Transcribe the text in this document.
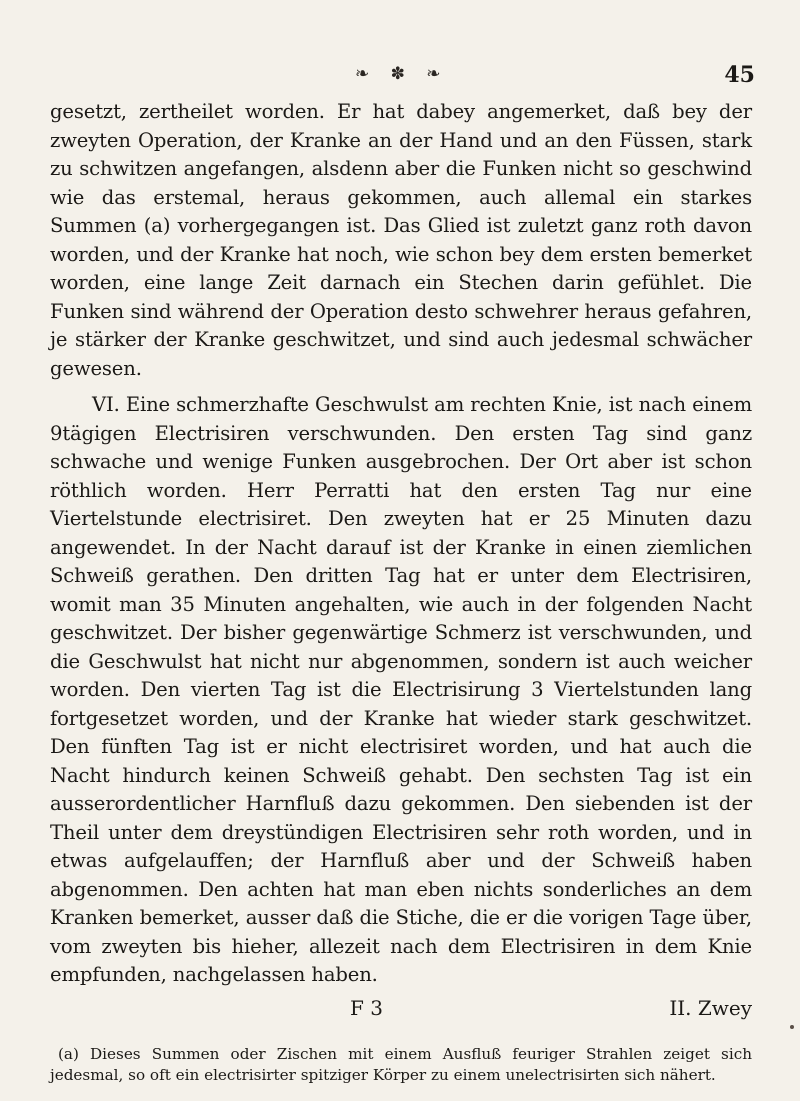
❧ ✽ ❧	45

gesetzt, zertheilet worden. Er hat dabey angemerket, daß bey der zweyten Operation, der Kranke an der Hand und an den Füssen, stark zu schwitzen angefangen, alsdenn aber die Funken nicht so geschwind wie das erstemal, heraus gekommen, auch allemal ein starkes Summen (a) vorhergegangen ist. Das Glied ist zuletzt ganz roth davon worden, und der Kranke hat noch, wie schon bey dem ersten bemerket worden, eine lange Zeit darnach ein Stechen darin gefühlet. Die Funken sind während der Operation desto schwehrer heraus gefahren, je stärker der Kranke geschwitzet, und sind auch jedesmal schwächer gewesen.

VI. Eine schmerzhafte Geschwulst am rechten Knie, ist nach einem 9tägigen Electrisiren verschwunden. Den ersten Tag sind ganz schwache und wenige Funken ausgebrochen. Der Ort aber ist schon röthlich worden. Herr Perratti hat den ersten Tag nur eine Viertelstunde electrisiret. Den zweyten hat er 25 Minuten dazu angewendet. In der Nacht darauf ist der Kranke in einen ziemlichen Schweiß gerathen. Den dritten Tag hat er unter dem Electrisiren, womit man 35 Minuten angehalten, wie auch in der folgenden Nacht geschwitzet. Der bisher gegenwärtige Schmerz ist verschwunden, und die Geschwulst hat nicht nur abgenommen, sondern ist auch weicher worden. Den vierten Tag ist die Electrisirung 3 Viertelstunden lang fortgesetzet worden, und der Kranke hat wieder stark geschwitzet. Den fünften Tag ist er nicht electrisiret worden, und hat auch die Nacht hindurch keinen Schweiß gehabt. Den sechsten Tag ist ein ausserordentlicher Harnfluß dazu gekommen. Den siebenden ist der Theil unter dem dreystündigen Electrisiren sehr roth worden, und in etwas aufgelauffen; der Harnfluß aber und der Schweiß haben abgenommen. Den achten hat man eben nichts sonderliches an dem Kranken bemerket, ausser daß die Stiche, die er die vorigen Tage über, vom zweyten bis hieher, allezeit nach dem Electrisiren in dem Knie empfunden, nachgelassen haben.

F 3	II. Zwey
(a) Dieses Summen oder Zischen mit einem Ausfluß feuriger Strahlen zeiget sich jedesmal, so oft ein electrisirter spitziger Körper zu einem unelectrisirten sich nähert.
